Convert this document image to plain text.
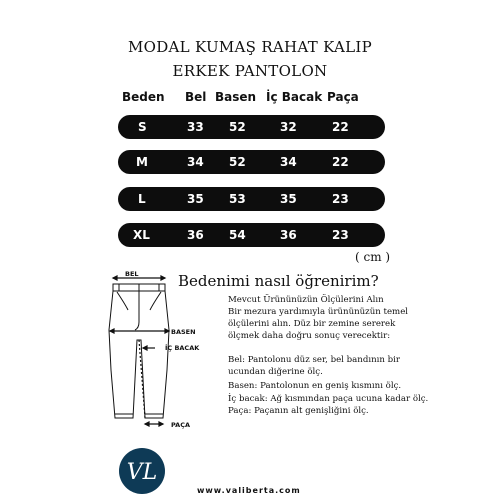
MODAL KUMAŞ RAHAT KALIP
ERKEK PANTOLON
Beden Bel Basen İç Bacak Paça
S	33 52	32	22
M	34 52	34	22
L	35 53	35	23
XL	36 54	36	23
( cm )
Bedenimi nasıl öğrenirim?
Mevcut Ürününüzün Ölçülerini Alın
Bir mezura yardımıyla ürününüzün temel
ölçülerini alın. Düz bir zemine sererek
ölçmek daha doğru sonuç verecektir:
Bel: Pantolonu düz ser, bel bandının bir
ucundan diğerine ölç.
Basen: Pantolonun en geniş kısmını ölç.
İç bacak: Ağ kısmından paça ucuna kadar ölç.
Paça: Paçanın alt genişliğini ölç.
BEL
BASEN
İÇ BACAK
PAÇA
VL
www.valiberta.com
